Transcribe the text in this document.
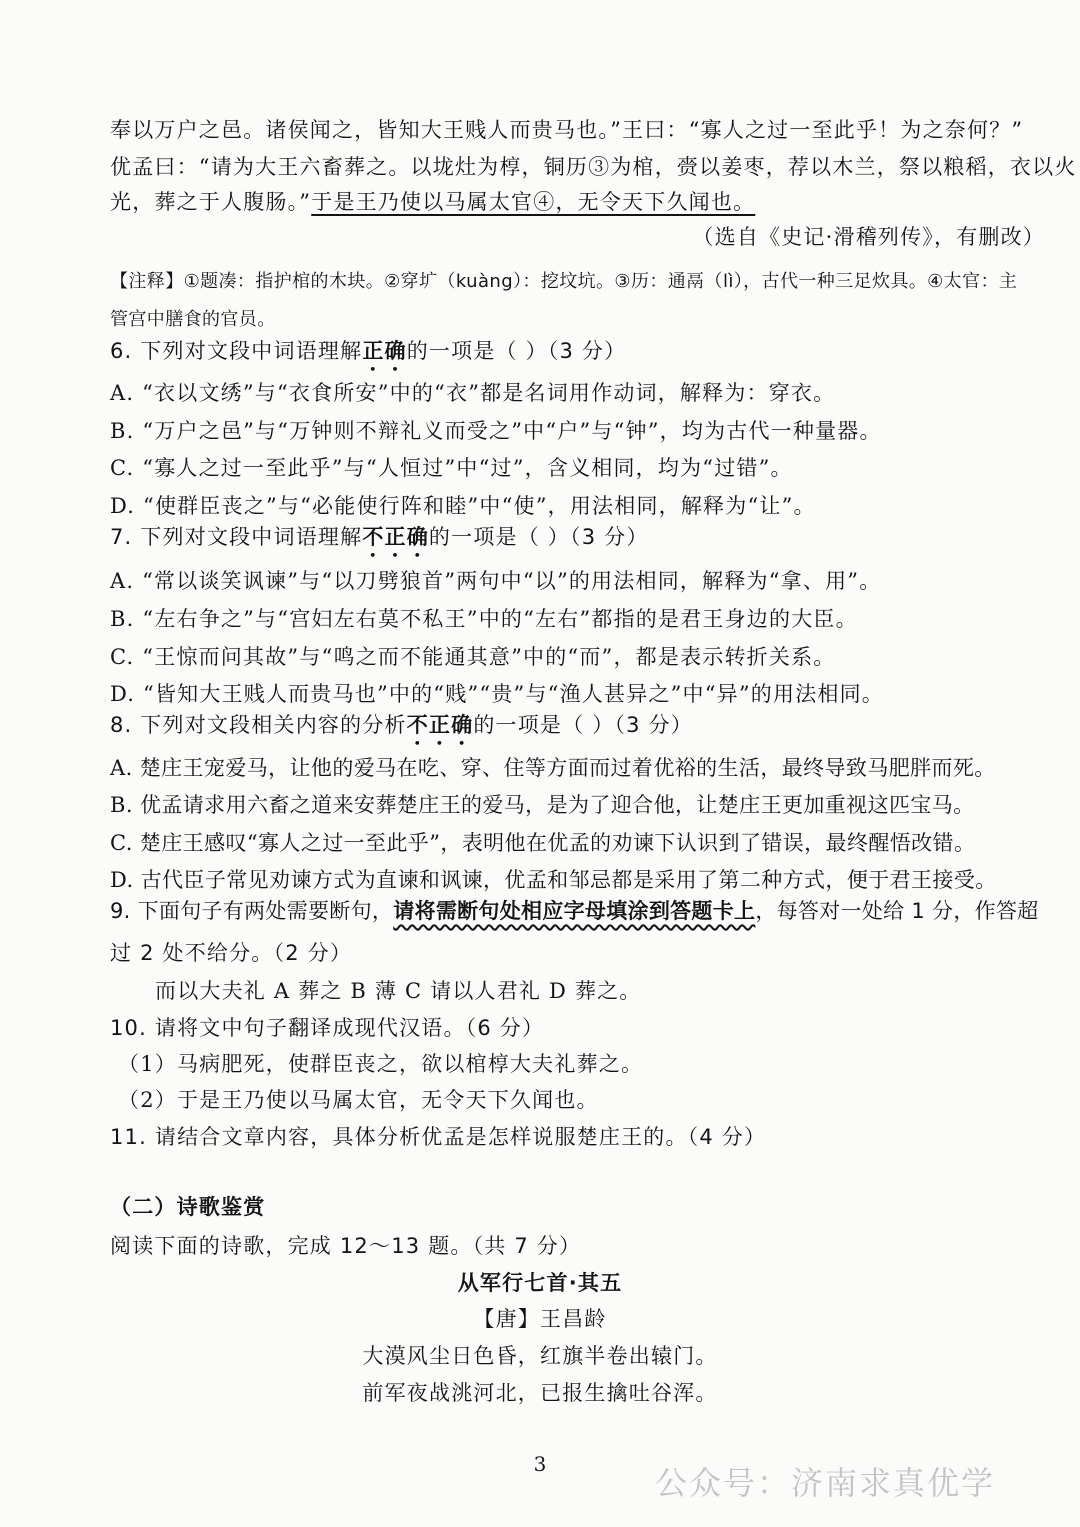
奉以万户之邑。诸侯闻之，皆知大王贱人而贵马也。”王曰：“寡人之过一至此乎！为之奈何？”
优孟曰：“请为大王六畜葬之。以垅灶为椁，铜历③为棺，赍以姜枣，荐以木兰，祭以粮稻，衣以火
光，葬之于人腹肠。”于是王乃使以马属太官④，无令天下久闻也。
（选自《史记·滑稽列传》，有删改）
【注释】①题凑：指护棺的木块。②穿圹（kuàng）：挖坟坑。③历：通鬲（lì），古代一种三足炊具。④太官：主
管宫中膳食的官员。
6. 下列对文段中词语理解正确的一项是（ ）（3 分）
A. “衣以文绣”与“衣食所安”中的“衣”都是名词用作动词，解释为：穿衣。
B. “万户之邑”与“万钟则不辩礼义而受之”中“户”与“钟”，均为古代一种量器。
C. “寡人之过一至此乎”与“人恒过”中“过”，含义相同，均为“过错”。
D. “使群臣丧之”与“必能使行阵和睦”中“使”，用法相同，解释为“让”。
7. 下列对文段中词语理解不正确的一项是（ ）（3 分）
A. “常以谈笑讽谏”与“以刀劈狼首”两句中“以”的用法相同，解释为“拿、用”。
B. “左右争之”与“宫妇左右莫不私王”中的“左右”都指的是君王身边的大臣。
C. “王惊而问其故”与“鸣之而不能通其意”中的“而”，都是表示转折关系。
D. “皆知大王贱人而贵马也”中的“贱”“贵”与“渔人甚异之”中“异”的用法相同。
8. 下列对文段相关内容的分析不正确的一项是（ ）（3 分）
A. 楚庄王宠爱马，让他的爱马在吃、穿、住等方面而过着优裕的生活，最终导致马肥胖而死。
B. 优孟请求用六畜之道来安葬楚庄王的爱马，是为了迎合他，让楚庄王更加重视这匹宝马。
C. 楚庄王感叹“寡人之过一至此乎”，表明他在优孟的劝谏下认识到了错误，最终醒悟改错。
D. 古代臣子常见劝谏方式为直谏和讽谏，优孟和邹忌都是采用了第二种方式，便于君王接受。
9. 下面句子有两处需要断句，请将需断句处相应字母填涂到答题卡上，每答对一处给 1 分，作答超
过 2 处不给分。（2 分）
而以大夫礼 A 葬之 B 薄 C 请以人君礼 D 葬之。
10. 请将文中句子翻译成现代汉语。（6 分）
（1）马病肥死，使群臣丧之，欲以棺椁大夫礼葬之。
（2）于是王乃使以马属太官，无令天下久闻也。
11. 请结合文章内容，具体分析优孟是怎样说服楚庄王的。（4 分）
（二）诗歌鉴赏
阅读下面的诗歌，完成 12～13 题。（共 7 分）
从军行七首·其五
【唐】王昌龄
大漠风尘日色昏，红旗半卷出辕门。
前军夜战洮河北，已报生擒吐谷浑。
3	公众号：济南求真优学
